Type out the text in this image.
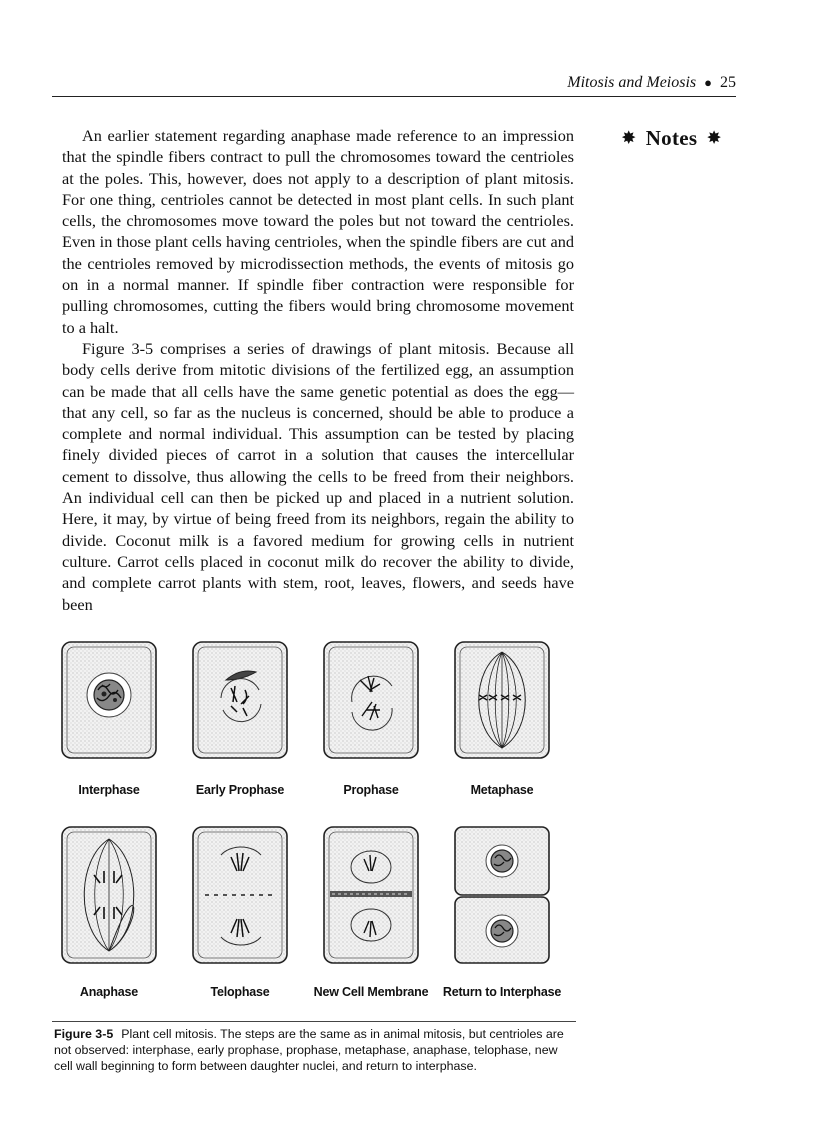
Mitosis and Meiosis ● 25
✸ Notes ✸

An earlier statement regarding anaphase made reference to an impression that the spindle fibers contract to pull the chromosomes toward the centrioles at the poles. This, however, does not apply to a description of plant mitosis. For one thing, centrioles cannot be detected in most plant cells. In such plant cells, the chromosomes move toward the poles but not toward the centrioles. Even in those plant cells having centrioles, when the spindle fibers are cut and the centrioles removed by microdissection methods, the events of mitosis go on in a normal manner. If spindle fiber contraction were responsible for pulling chromosomes, cutting the fibers would bring chromosome movement to a halt.

Figure 3-5 comprises a series of drawings of plant mitosis. Because all body cells derive from mitotic divisions of the fertilized egg, an assumption can be made that all cells have the same genetic potential as does the egg—that any cell, so far as the nucleus is concerned, should be able to produce a complete and normal individual. This assumption can be tested by placing finely divided pieces of carrot in a solution that causes the intercellular cement to dissolve, thus allowing the cells to be freed from their neighbors. An individual cell can then be picked up and placed in a nutrient solution. Here, it may, by virtue of being freed from its neighbors, regain the ability to divide. Coconut milk is a favored medium for growing cells in nutrient culture. Carrot cells placed in coconut milk do recover the ability to divide, and complete carrot plants with stem, root, leaves, flowers, and seeds have been

Interphase	Early Prophase	Prophase	Metaphase
Anaphase	Telophase	New Cell Membrane	Return to Interphase
Figure 3-5 Plant cell mitosis. The steps are the same as in animal mitosis, but centrioles are not observed: interphase, early prophase, prophase, metaphase, anaphase, telophase, new cell wall beginning to form between daughter nuclei, and return to interphase.
